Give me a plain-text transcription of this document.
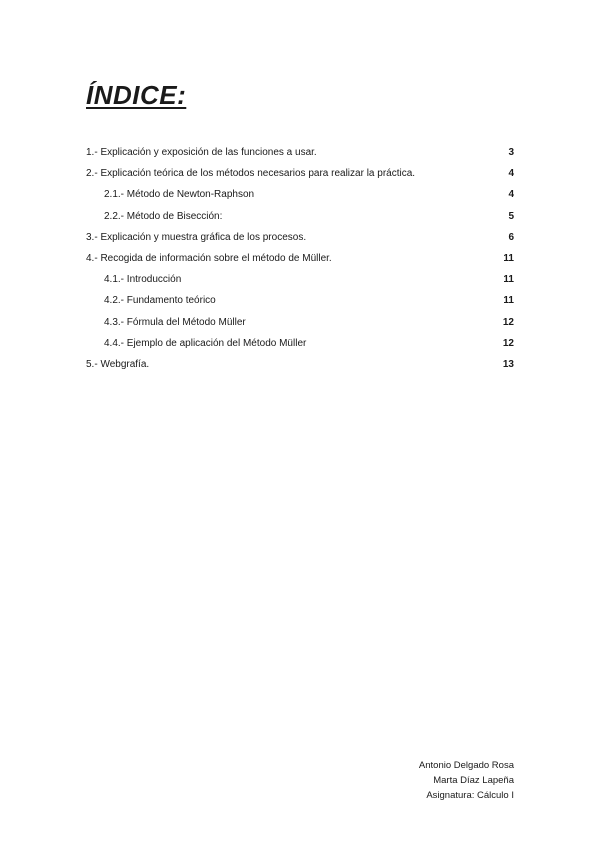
ÍNDICE:
1.- Explicación y exposición de las funciones a usar.	3
2.- Explicación teórica de los métodos necesarios para realizar la práctica.	4
2.1.- Método de Newton-Raphson	4
2.2.- Método de Bisección:	5
3.- Explicación y muestra gráfica de los procesos.	6
4.- Recogida de información sobre el método de Müller.	11
4.1.- Introducción	11
4.2.- Fundamento teórico	11
4.3.- Fórmula del Método Müller	12
4.4.- Ejemplo de aplicación del Método Müller	12
5.- Webgrafía.	13
Antonio Delgado Rosa
Marta Díaz Lapeña
Asignatura: Cálculo I
